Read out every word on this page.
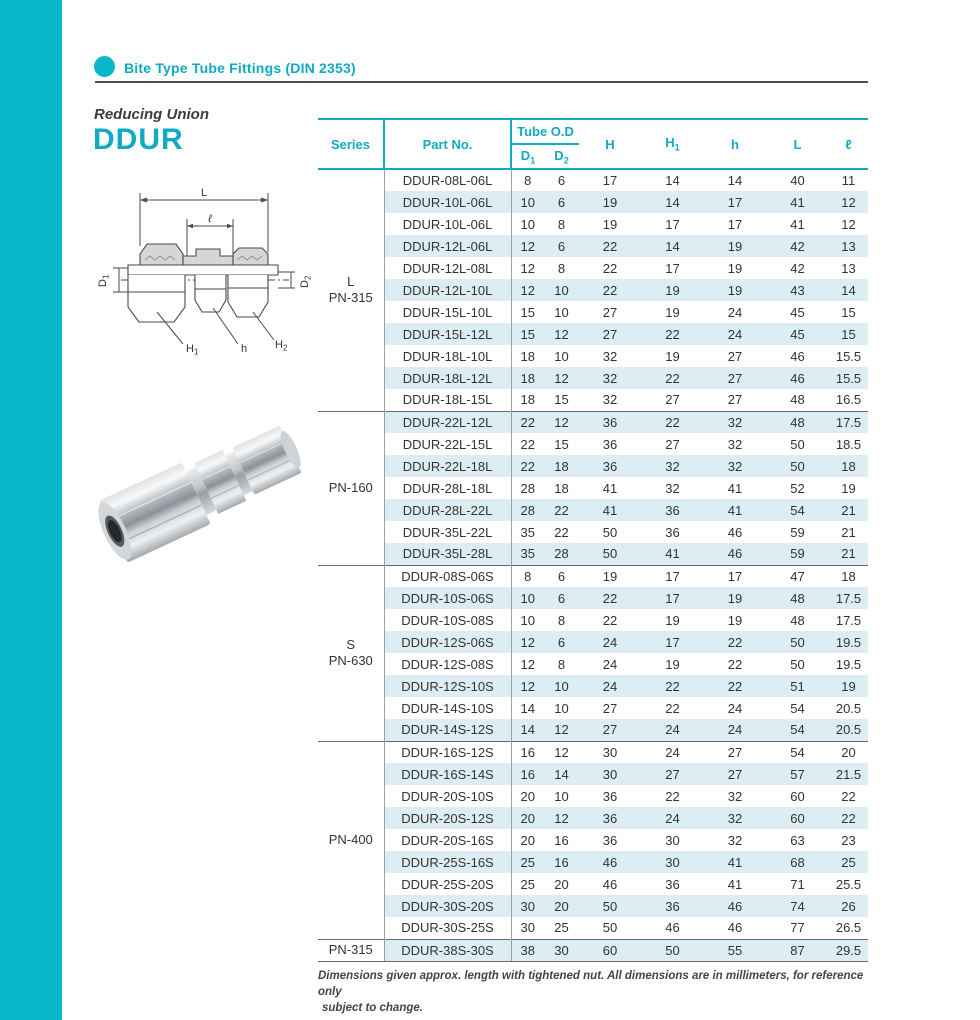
Bite Type Tube Fittings (DIN 2353)
Reducing Union
DDUR
L
ℓ
$D_1$
$D_2$
$H_1$	h	$H_2$
Series	Part No.	Tube O.D		H	$H_1$	h	L	ℓ
		$D_1$	$D_2$
L
PN-315	DDUR-08L-06L	8	6	17	14	14	40	11
	DDUR-10L-06L	10	6	19	14	17	41	12
	DDUR-10L-06L	10	8	19	17	17	41	12
	DDUR-12L-06L	12	6	22	14	19	42	13
	DDUR-12L-08L	12	8	22	17	19	42	13
	DDUR-12L-10L	12	10	22	19	19	43	14
	DDUR-15L-10L	15	10	27	19	24	45	15
	DDUR-15L-12L	15	12	27	22	24	45	15
	DDUR-18L-10L	18	10	32	19	27	46	15.5
	DDUR-18L-12L	18	12	32	22	27	46	15.5
	DDUR-18L-15L	18	15	32	27	27	48	16.5
PN-160	DDUR-22L-12L	22	12	36	22	32	48	17.5
	DDUR-22L-15L	22	15	36	27	32	50	18.5
	DDUR-22L-18L	22	18	36	32	32	50	18
	DDUR-28L-18L	28	18	41	32	41	52	19
	DDUR-28L-22L	28	22	41	36	41	54	21
	DDUR-35L-22L	35	22	50	36	46	59	21
	DDUR-35L-28L	35	28	50	41	46	59	21
S
PN-630	DDUR-08S-06S	8	6	19	17	17	47	18
	DDUR-10S-06S	10	6	22	17	19	48	17.5
	DDUR-10S-08S	10	8	22	19	19	48	17.5
	DDUR-12S-06S	12	6	24	17	22	50	19.5
	DDUR-12S-08S	12	8	24	19	22	50	19.5
	DDUR-12S-10S	12	10	24	22	22	51	19
	DDUR-14S-10S	14	10	27	22	24	54	20.5
	DDUR-14S-12S	14	12	27	24	24	54	20.5
PN-400	DDUR-16S-12S	16	12	30	24	27	54	20
	DDUR-16S-14S	16	14	30	27	27	57	21.5
	DDUR-20S-10S	20	10	36	22	32	60	22
	DDUR-20S-12S	20	12	36	24	32	60	22
	DDUR-20S-16S	20	16	36	30	32	63	23
	DDUR-25S-16S	25	16	46	30	41	68	25
	DDUR-25S-20S	25	20	46	36	41	71	25.5
	DDUR-30S-20S	30	20	50	36	46	74	26
	DDUR-30S-25S	30	25	50	46	46	77	26.5
PN-315	DDUR-38S-30S	38	30	60	50	55	87	29.5
Dimensions given approx. length with tightened nut. All dimensions are in millimeters, for reference only
subject to change.
